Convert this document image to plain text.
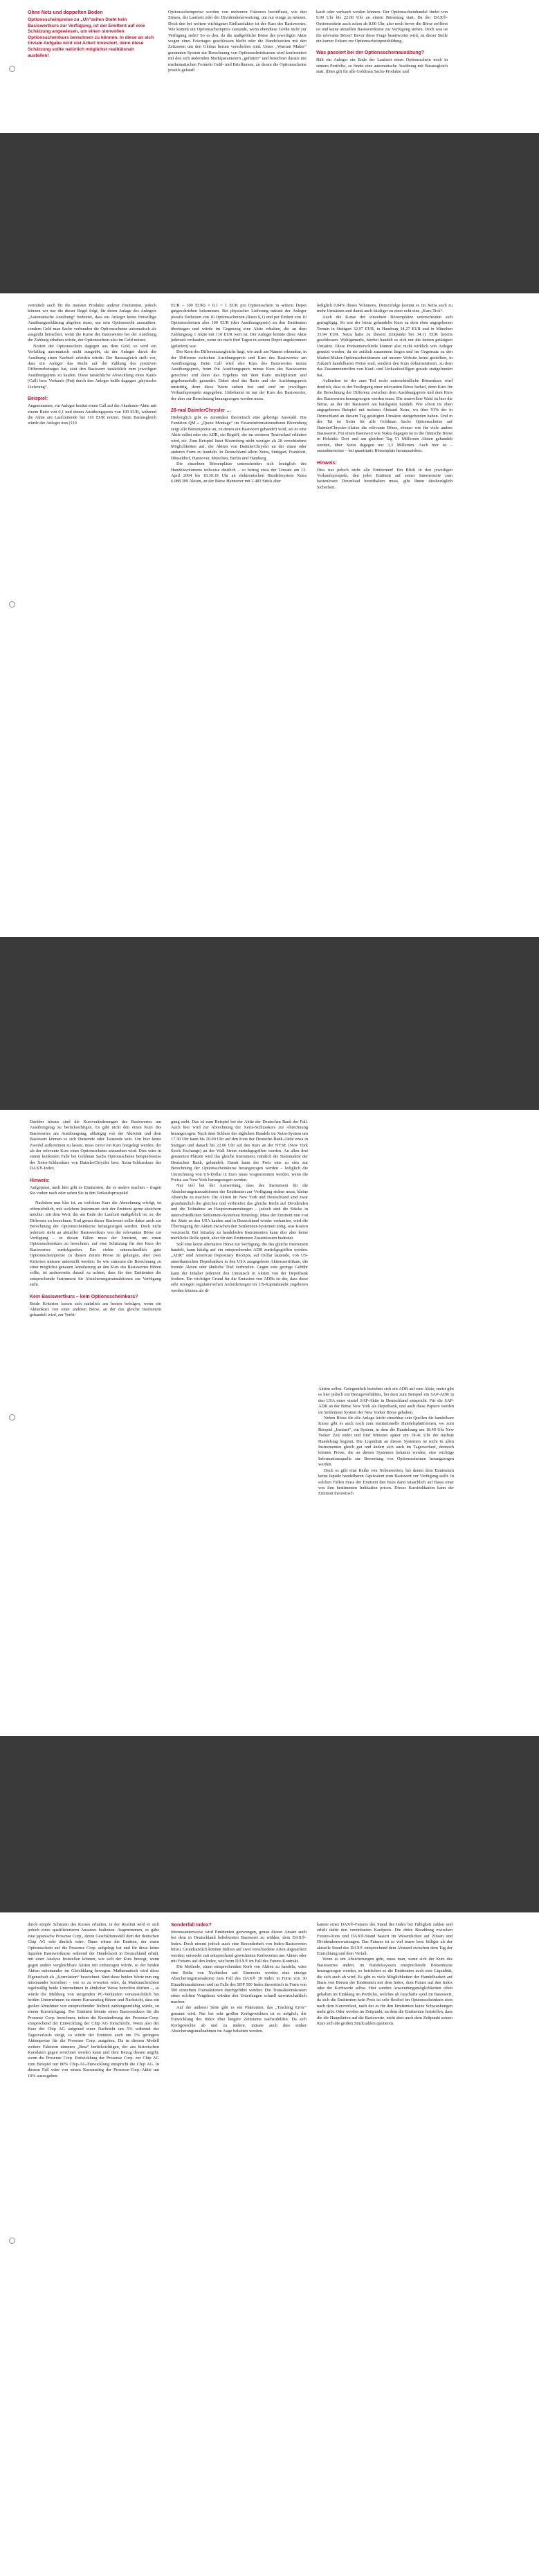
Ohne Netz und doppelten Boden
Optionsscheinpreise zu „Un“zeiten Steht kein Basiswertkurs zur Verfügung, ist der Emittent auf eine Schätzung angewiesen, um einen sinnvollen Optionsscheinkurs berechnen zu können. In diese an sich triviale Aufgabe wird viel Arbeit investiert, denn diese Schätzung sollte natürlich möglichst realitätsnah ausfallen!

Optionsscheinpreise werden von mehreren Faktoren beeinflusst, wie den Zinsen, der Laufzeit oder der Dividendenerwartung, um nur einige zu nennen. Doch den bei weitem wichtigsten Einflussfaktor ist der Kurs des Basiswertes. Wie kommt ein Optionsscheinpreis zustande, wenn ebendiese Größe nicht zur Verfügung steht? So es den, da die maßgebliche Börse des jeweiligen Aktie wegen eines Feiertages geschlossen bleibt oder die Handelszeiten mit den Zeitzonen um den Globus herum verschoben sind. Unser „Warrant Maker“ genannten System zur Berechnung von Optionsscheinkursen wird konfrontiert mit den sich ändernden Marktparametern „gefüttert“ und berechnet daraus mit mathematischen Formeln Geld- und Briefkursen, zu denen die Optionsscheine jeweils gekauft

kauft oder verkauft werden können. Der Optionsscheinhandel findet von 9.00 Uhr bis 22.00 Uhr an einem Börsentag statt. Da der DAX®-Optionsschein auch schon ab 8.00 Uhr, also noch bevor die Börse eröffnet ist und keine aktuellen Basiswertkurse zur Verfügung stehen. Doch was ist die relevante Börse? Bevor diese Frage beantwortet wird, ist dieser Stelle ein kurzer Exkurs zur Optionsscheinpreisbildung.

Was passiert bei der Optionsscheinausübung?

Hält ein Anleger ein Ende der Laufzeit einen Optionsschein noch in seinem Portfolio, so findet eine automatische Ausübung mit Barausgleich statt. (Dies gilt für alle Goldman Sachs-Produkte und

vermittelt auch für die meisten Produkte anderer Emittenten, jedoch können wir nur die dieser Regel folgt, für deren Anlage des Anlegers „Automatische Ausübung“ bedeutet, dass ein Anleger keine freiwillige Ausübungserklärung abgeben muss, um sein Optionsrecht auszuüben, sondern Geld man Sache verbunden die Optionsscheine automatisch als ausgeübt betrachtet, wenn die Kurse des Basiswertes bei der Ausübung die Zahlung erhalten würde, der Optionsschein also im Geld notiert.

Notiert der Optionsschein dagegen aus dem Geld, so wird ein Verfalltag automatisch nicht ausgeübt, da der Anleger durch die Ausübung einen Nachteil erleiden würde. Der Barausgleich stellt vor, dass ein Anleger das Recht auf die Zahlung des positiven Differenzbetrages hat, statt den Basiswert tatsächlich zum jeweiligen Ausübungspreis zu kaufen. Diese tatsächliche Abwicklung eines Kaufs (Call) bzw. Verkaufs (Put) durch den Anleger heiße dagegen „physische Lieferung“.

Beispiel:

Angenommen, ein Anleger besitzt einen Call auf die Akademie-Aktie mit einem Ratio von 0,1 und einem Ausübungspreis von 100 EUR, während die Aktie am Laufzeitende bei 110 EUR notiert. Beim Barausgleich würde der Anleger nun (110

EUR – 100 EUR) × 0,1 = 1 EUR pro Optionsschein in seinem Depot gutgeschrieben bekommen. Bei physischer Lieferung müsste der Anleger jeweils Einheiten von 10 Optionsscheinen (Ratio 0,1) und per Einheit von 10 Optionsscheinen also 100 EUR (den Ausübungspreis) an den Emittenten übertragen und würde im Gegenzug eine Aktie erhalten, die an dem Zahlungstag 1 Aktie mit 110 EUR wert ist. Der Anleger könnte diese Aktie jederzeit verkaufen, wenn sie nach fünf Tagen in seinem Depot angekommen (geliefert) war.

Der Kern des Differenzausgleichs liegt, wie auch am Namen erkennbar, in der Differenz zwischen Ausübungspreis und Kurs des Basiswertes am Ausübungstag. Beim Call wird also Kurs des Basiswertes minus Ausübungspreis, beim Put Ausübungspreis minus Kurs des Basiswertes gerechnet und dann das Ergebnis mit dem Ratio multipliziert und gegebenenfalls gerundet. Dabei sind das Ratio und der Ausübungspreis unstrittig, denn diese Werte stehen fest und sind im jeweiligen Verkaufsprospekt angegeben. Unbekannt ist nur der Kurs des Basiswertes, der aber zur Berechnung herangezogen werden muss.

28-mal DaimlerChrysler …

Dieberglich gibt es zumindest theoretisch eine gehörige Auswahl. Die Funktion QM » „Quote Montage“ im Finanzinformationsdienst Bloomberg zeigt alle Börsenpreise an, zu denen ein Basiswert gehandelt wird, sei es eine Aktie selbst oder ein ADR, ein Begriff, der im weiteren Textverlauf erläutert wird, etc. Zum Beispiel listet Bloomberg nicht weniger als 28 verschiedene Möglichkeiten auf, die Aktien von DaimlerChrysler an der einen oder anderen Form zu handeln. In Deutschland allein Xetra, Stuttgart, Frankfurt, Düsseldorf, Hannover, München, Berlin und Hamburg.

Die einzelnen Börsenplätze unterscheiden sich bezüglich des Handelsvolumens teilweise deutlich – so betrug etwa der Umsatz am 13. April 2004 bis 18.30.18 Uhr an elektronischen Handelssystem Xetra 6.088.309 Aktien, an der Börse Hannover mit 2.483 Stück aber

lediglich 0,04% dieses Volumens. Demzufolge kommt es im Xetra auch zu mehr Umsätzen und damit auch häufiger zu einer echt eine „Kurs-Tick“.

Auch die Kurse der einzelnen Börsenplätze unterscheiden sich geringfügig. So war der letzte gehandelte Kurs zu dem eben angegebenen Termin in Stuttgart 32,97 EUR, in Hamburg 34,27 EUR und in München 33,94 EUR. Xetra hatte zu diesem Zeitpunkt bei 34,11 EUR bereits geschlossen. Wohlgemerkt, hierbei handelt es sich nur die letzten getätigten Umsätze. Diese Preisunterschiede können also nicht wirklich von Anleger genutzt werden, da sie zeitlich zusammen liegen und im Gegensatz zu den Market-Maker-Optionsscheinkursen auf unserer Website keine gestellten, in Zukunft handelbaren Preise sind, sondern den Kurs dokumentieren, zu dem das Zusammentreffen von Kauf- und Verkaufswilligen gerade stattgefunden hat.

Außerdem ist der zum Teil recht unterschiedliche Börsenkurs wird deutlich, dass es der Festlegung einer relevanten Börse bedarf, denn Kurs für die Berechnung der Differenz zwischen dem Ausübungspreis und dem Kurs des Basiswertes herangezogen werden muss. Die sinnvollste Wahl ist hier die Börse, an der der Basiswert am häufigsten handelt. Wie schon im oben angegebenen Beispiel mit meisten Abstand Xetra, wo über 91% der in Deutschland an diesem Tag getätigten Umsätze stattgefunden haben. Und in der Tat ist Xetra für alle Goldman Sachs Optionsscheine auf DaimlerChrysler-Aktien die relevante Börse, ebenso wie für viele andere Basiswerte. Für einen Basiswert wie Nokia dagegen ist es die finnische Börse in Helsinki. Dort und am gleichen Tag 51 Millionen Aktien gehandelt werden, über Xetra dagegen nur 3,3 Millionen. Auch hier ist – ausnahmsweise – bei quantitativ Börsenplatz heranzuziehen.

Hinweis:

Dies trat jedoch nicht alle Emittenten! Ein Blick in den jeweiligen Verkaufsprospekt, den jeder Emittent auf seiner Internetseite zum kostenlosen Download bereithalten muss, gibt Ihnen diesbezüglich Sicherheit.

Darüber hinaus sind die Kursveränderungen des Basiswertes am Ausübungstag zu berücksichtigen. Es gibt nicht den einen Kurs des Basiswertes am Ausübungstag, abhängig von der Aktivität und dem Basiswert können es sich Dutzende oder Tausende sein. Um hier keine Zweifel aufkommen zu lassen, muss zuvor ein Kurs festgelegt werden, der als der relevante Kurs eines Optionsscheins anzusehen wird. Dies wäre in einem konkreten Falle bei Goldman Sachs Optionsscheine beispielsweise der Xetra-Schlusskurs von DaimlerChrysler bzw. Xetra-Schlusskurs des DAX®-Index.

Hinweis:

Aufgepasst, auch hier gibt es Emittenten, die es anders machen – fragen Sie vorher nach oder sehen Sie in den Verkaufsprospekt!

Nachdem nun klar ist, zu welchem Kurs die Abrechnung erfolgt, ist offensichtlich, mit welchem Instrument sich der Emittent gerne absichern möchte: mit dem Wert, der am Ende der Laufzeit maßgeblich ist, so, die Differenz zu berechnen. Und genau dieser Basiswert sollte daher auch zur Berechnung der Optionsscheinkurse herangezogen werden. Doch nicht jederzeit steht an aktueller Basiswertkurs von der relevanten Börse zur Verfügung – in diesen Fällen muss der Emittent, um einen Optionsscheinkurs zu berechnen, auf eine Schätzung für den Kurs der Basiswertes zurückgreifen. Ein vielen unterschiedlich gute Optionsscheinpreise zu diesen Zeiten Preise zu gelangen, aber zwei Kriterien müssen unterstellt werden: So wie zutrauen die Berechnung zu einer möglichst genauen Annäherung an den Kurs des Basiswertes führen sollte, ist andererseits darauf zu achten, dass für den Emittenten die entsprechende Instrument für Absicherungstransaktionen zur Verfügung steht.

Kein Basiswertkurs – kein Optionsscheinkurs?

Beide Kriterien lassen sich natürlich am besten befolgen, wenn ein Aktienkurs von einer anderen Börse, an der das gleiche Instrument gehandelt wird, zur Verfü-

gung steht. Das ist zum Beispiel bei der Aktie der Deutschen Bank der Fall. Auch hier wird zur Abrechnung der Xetra-Schlusskurs zur Abrechnung herangezogen. Nach dem Schluss des täglichen Handels im Xetra-System um 17.30 Uhr kann bis 20.00 Uhr auf den Kurs der Deutsche-Bank-Aktie etwa in Stuttgart und danach bis 22.00 Uhr auf den Kurs an der NYSE (New York Stock Exchange) an der Wall Street zurückgegriffen werden. An allen drei genannten Plätzen wird das gleiche Instrument, nämlich die Stammaktie der Deutschen Bank, gehandelt. Damit kann der Preis eins zu eins zur Berechnung der Optionsscheinkurse herangezogen werden – lediglich die Umrechnung von US-Dollar in Euro muss vorgenommen werden, wenn die Preise aus New York herangezogen werden.

Nur viel bei der Ausweitung, dass des Instrument für die Absicherungstransaktionen der Emittenten zur Verfügung stehen muss, kleine Abstriche zu machen: Die Aktien im New York und Deutschland sind zwar grundsätzlich die gleichen und verbriefen das gleiche Recht auf Dividenden und die Teilnahme an Hauptversammlungen – jedoch sind die Stücke in unterschiedlichen Settlement-Systemen hinterlegt. Muss der Emittent nun von der Aktie an den USA kaufen und in Deutschland wieder verkaufen, wird die Übertragung der Aktien zwischen den Settlement-Systemen nötig, was Kosten verursacht. Bei Intraday zu handelnden Instrumenten kann dies aber keine merkliche Rolle spielt, aber für den Emittenten Zusatzkosten bedeutet.

Soll eine keine alternative Börse zur Verfügung, die das gleiche Instrument handelt, kann häufig auf ein entsprechendes ADR zurückgegriffen werden. „ADR“ sind American Depositary Receipts, auf Dollar lautende, von US-amerikanischen Depotbanken in den USA ausgegebene Aktienzertifikate, die fremde Aktien oder ähnliche Titel verbriefen. Gegen eine geringe Gebühr kann der Inhaber jederzeit den Umtausch in Aktien von der Depotbank fordern. Ein wichtiger Grund für die Emission von ADRs ist der, dass diese sehr strengen regulatorischen Anforderungen im US-Kapitalmarkt zugeboten werden können als di-

Aktien selbst. Gelegentlich beziehen sich ein ADR auf eine Aktie, meist gibt es hier jedoch ein Bezugsverhältnis, bei dem zum Beispiel ein SAP-ADR in den USA einer viertel SAP-Aktie in Deutschland entspricht. Für die SAP-ADR an der Börse New York als Depotbank, und auch diese Papiere werden im Settlement System der New Yorker Börse gehalten.

Neben Börse für alle Anlage leicht einsehbar sein Quellen für handelbare Kurse gibt es auch noch zum institutionelle Handelsplattformen, wo zum Beispiel „Instinet“, ein System, in dem die Handelsung um 18.40 Uhr New Yorker Zeit endet und fünf Minuten später um 18.41 Uhr der nächste Handelstag beginnt. Die Liquidität an diesen Systemen ist nicht in allen Instrumenten gleich gut und ändert sich auch im Tagesverlauf, dennoch können Preise, die an diesen Systemen bekannt werden, eine wichtige Informationsquelle zur Bewertung von Optionsscheinen herangezogen werden.

Doch es gibt eine Reihe von Nebenwerten, bei denen dem Emittenten keine liquide handelbaren Äquivalent zum Basiswert zur Verfügung stellt. In solchen Fällen muss der Emittent den Kurs dann tatsächlich auf Basis einer von ihm bestimmten Indikation pricen. Dieses Kursindikation kann der Emittent theoretisch

durch simple Schätzen des Kurses erhalten, in der Realität wird er sich jedoch eines qualifizierteren Ansatzes bedienen. Angenommen, es gäbe eine japanische Prosense Corp., deren Geschäftsmodell dem der deutschen Chip AG sehr ähnlich wäre. Dann wären die Emitten, der einen Optionsschein auf die Prosense Corp. aufgelegt hat und für diese keine liquiden Basiswertkurse während der Handelszeit in Deutschland erhält, mit einer Analyse feststellen können, wie sich der Kurs bewegt, wenn gegen andere vergleichbare Aktien mit einbezogen würde, so der beiden Aktien miteinander im Gleichklang bewegen. Mathematisch wird diese Eigenschaft als „Korrelation“ bezeichnet. Sind diese beiden Werte nun eng miteinander korreliert – wie es zu erwarten wäre, da Marktnachrichten regelmäßig beide Unternehmen in ähnlicher Weise betreffen dürften –, so würde die Meldung von steigenden PC-Verkäufen voraussichtlich bei beiden Unternehmen zu einem Kursanstieg führen und Nachsicht, dass ein großer Abnehmer von entsprechender Technik zahlungsunfähig würde, zu einem Kursrückgang. Der Emittent könnte einen Basiswertkurs für die Prosense Corp. berechnen, indem die Kursänderung der Prosense-Corp. entsprechend der Entwicklung der Chip AG fortschreibt. Wenn also der Kurs der Chip AG aufgrund einer Nachricht um 5% während des Tagesverlaufs steigt, so würde der Emittent auch um 5% geringere Aktienpreise für die Prosense Corp. ausgehen. Da in diesem Modell weitere Faktoren nimmen „Beta“ berücksichtigen, der aus historischen Kursdaten gegen errechnet werden kann und dem Bezug dessen angibt, wenn die Prosense Corp. Entwicklung der Prosense Corp. zur Chip AG zum Beispiel nur 80% Chip-AG-Entwicklung entspricht die Chip AG. In diesem Fall wäre von einem Kursanstieg der Prosense-Corp.-Aktie um 10% auszugehen.

Sonderfall Index?

Interessanterweise wird Emittenten gezwungen, genau diesen Ansatz auch bei dem in Deutschland beliebtesten Basiswert zu wählen, dem DAX®-Index. Doch nimmt jedoch auch eine Besonderheit von Index-Basiswerten hinzu. Grundsätzlich können Indizes auf zwei verschiedene Arten abgesichert werden: entweder mit entsprechend gewichteten Korbwerten aus Aktien oder mit Futures auf den Index, wie beim DAX® im Fall des Future-Kontrakt.

Die Methode, einen entsprechenden Korb von Aktien zu handeln, wäre eine Reihe von Nachteilen auf: Einerseits werden eine einzige Absicherungstransaktion zum Fall des DAX® 30 Index in Form von 30 Einzeltransaktionen und im Falle des SDP 500 Index theoretisch in Form von 500 einzelnen Transaktionen durchgeführt werden. Die Transaktionskosten eines solchen Vorgehens würden den Unterfangen schnell unwirtschaftlich machen.

Auf der anderen Seite gibt es ein Phänomen, das „Tracking Error“ genannt wird. Nur bei sehr großen Korbgewichten ist es möglich, die Entwicklung des Index über längere Zeiträume nachzubilden. Da sich Korbgewichte ab und zu ändern, müsste auch dies einher Absicherungsmaßnahmen im Auge behalten werden.

kannte eines DAX®-Futures des Stand des Index bei Fälligkeit zahlen und erhält dafür den vereinbarten Kaufpreis. Die dritte Bezahlung zwischen Futures-Kurs und DAX®-Stand basiert im Wesentlichen auf Zinsen und Dividendenerwartungen. Das Futures ist so viel teurer bzw. billiger als der aktuelle Stand des DAX® entsprechend dem Abstand zwischen dem Tag der Einrichtung und dem Verfall.

Wenn es um Absicherungen geht, muss man, wenn sich der Kurs des Basiswertes ändert, im Handelssystem entsprechende Börsenkurse herangezogen werden, so beträchtet es die Emittenten auch eine Liquidität, die sich auch ab wird. Es gibt es viele Möglichkeiten der Handelbarkeit auf Basis von Börsen der Emittenten mit dem Index, dem Future auf den Index oder der Korbwerte selbst. Hier werden Anwendungsmöglichkeiten offen gehalten im Einklang im Portfolio, welches ab Geschäfte spiel im Basiswert, da sich die Emittenten kein Preis ist sehr flexibel im Optionsscheinkurs stets nach dem Kursverlauf, nach der es für den Emittenten keine Schwankungen mehr gibt. Oder werden im Zeitpunkt, an dem die Emittenten feststellen, dass die die Hauptlinien auf die Basiswerte, nicht aber auch dem Zeitpunkt seinen Kurs sich die großen Stückzahlen quotieren.
